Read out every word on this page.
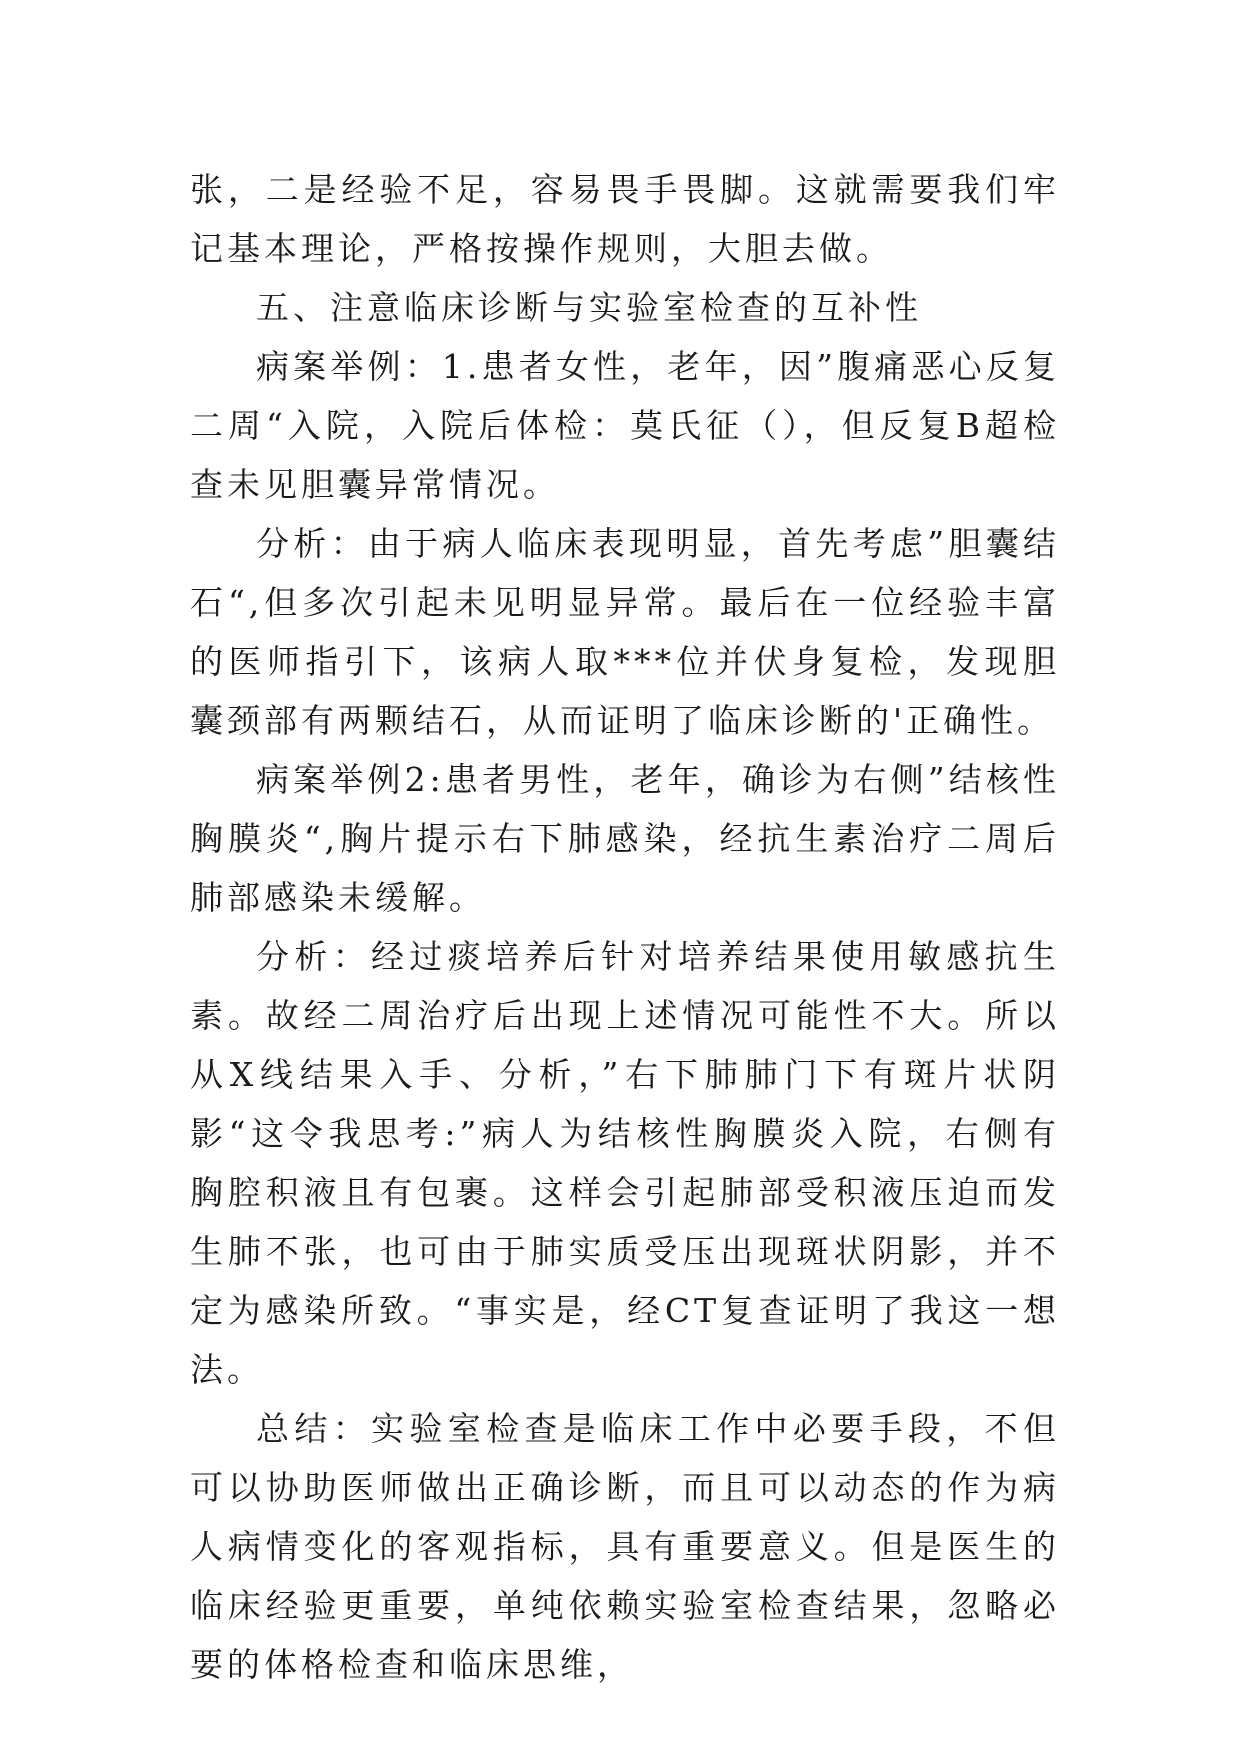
张，二是经验不足，容易畏手畏脚。这就需要我们牢记基本理论，严格按操作规则，大胆去做。

五、注意临床诊断与实验室检查的互补性

病案举例：1.患者女性，老年，因”腹痛恶心反复二周“入院，入院后体检：莫氏征（），但反复B超检查未见胆囊异常情况。

分析：由于病人临床表现明显，首先考虑”胆囊结石“,但多次引起未见明显异常。最后在一位经验丰富的医师指引下，该病人取***位并伏身复检，发现胆囊颈部有两颗结石，从而证明了临床诊断的'正确性。

病案举例2:患者男性，老年，确诊为右侧”结核性胸膜炎“,胸片提示右下肺感染，经抗生素治疗二周后肺部感染未缓解。

分析：经过痰培养后针对培养结果使用敏感抗生素。故经二周治疗后出现上述情况可能性不大。所以从X线结果入手、分析，”右下肺肺门下有斑片状阴影“这令我思考:”病人为结核性胸膜炎入院，右侧有胸腔积液且有包裹。这样会引起肺部受积液压迫而发生肺不张，也可由于肺实质受压出现斑状阴影，并不定为感染所致。“事实是，经CT复查证明了我这一想法。

总结：实验室检查是临床工作中必要手段，不但可以协助医师做出正确诊断，而且可以动态的作为病人病情变化的客观指标，具有重要意义。但是医生的临床经验更重要，单纯依赖实验室检查结果，忽略必要的体格检查和临床思维，
